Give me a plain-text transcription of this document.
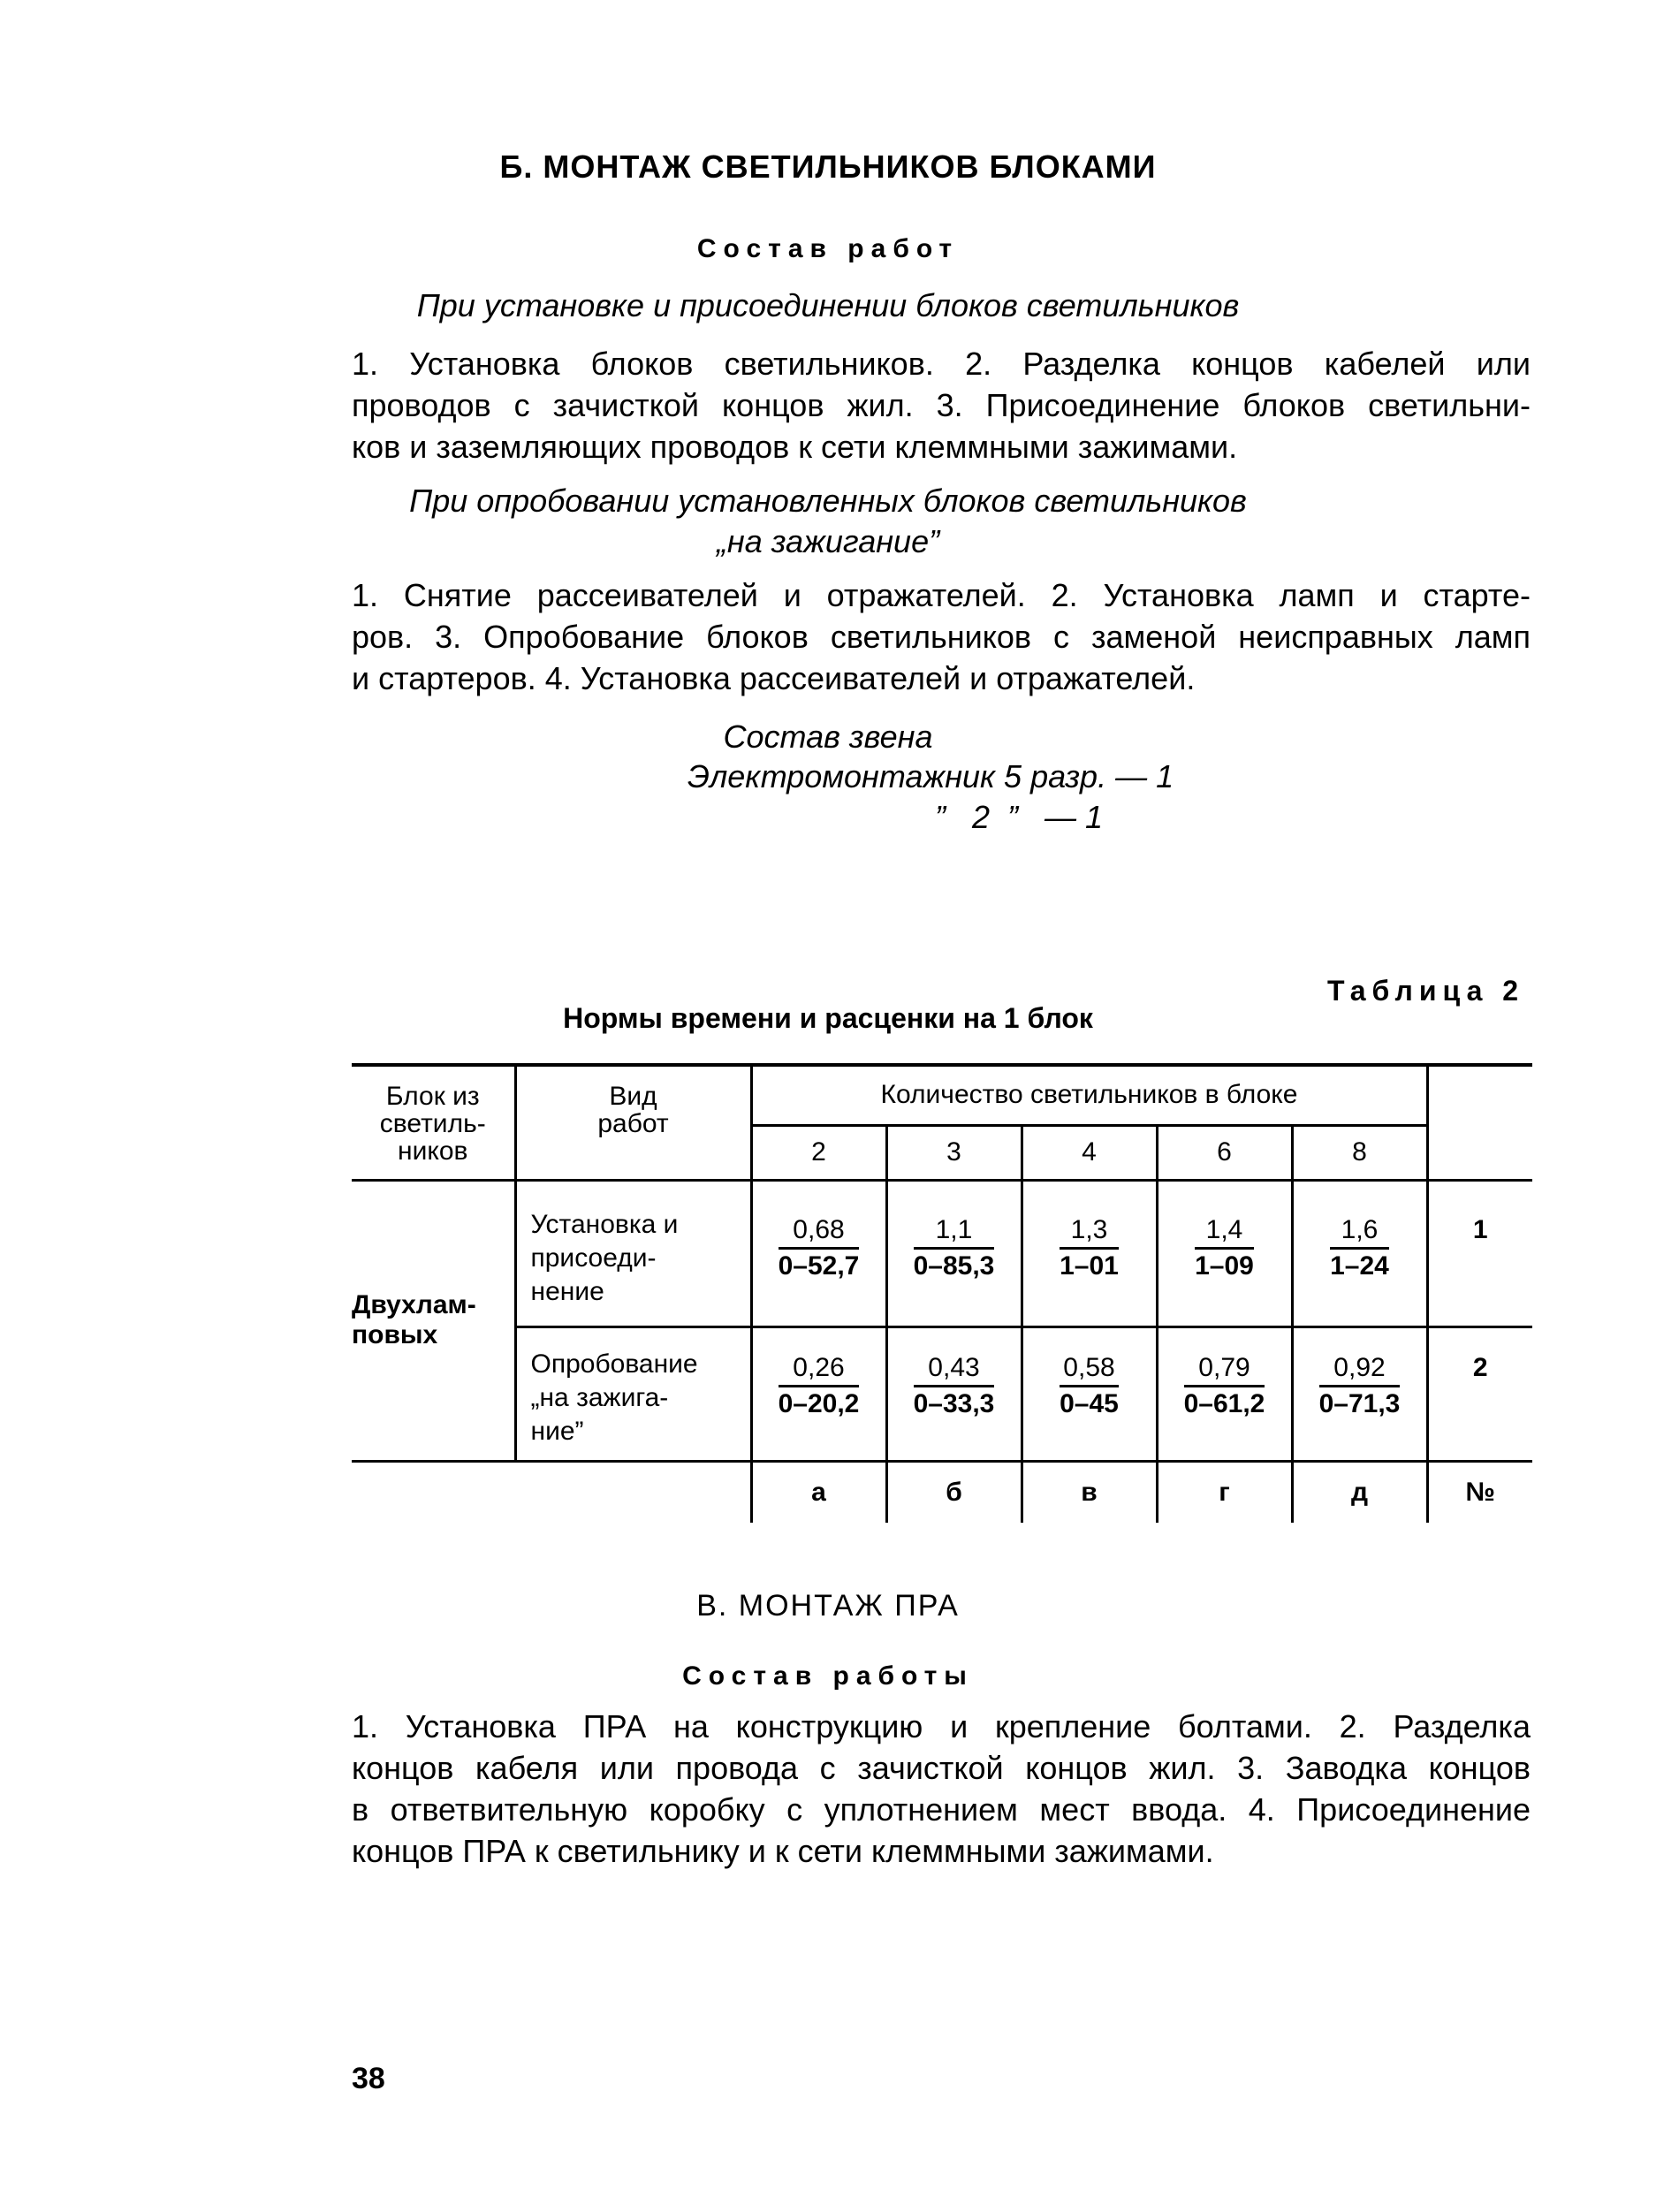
Б. МОНТАЖ СВЕТИЛЬНИКОВ БЛОКАМИ
Состав работ
При установке и присоединении блоков светильников
1. Установка блоков светильников. 2. Разделка концов кабелей или
проводов с зачисткой концов жил. 3. Присоединение блоков светильни-
ков и заземляющих проводов к сети клеммными зажимами.
При опробовании установленных блоков светильников
„на зажигание”
1. Снятие рассеивателей и отражателей. 2. Установка ламп и старте-
ров. 3. Опробование блоков светильников с заменой неисправных ламп
и стартеров. 4. Установка рассеивателей и отражателей.
Состав звена
Электромонтажник 5 разр. — 1
”   2  ”   — 1
Таблица 2
Нормы времени и расценки на 1 блок
Блок из светиль-ников	Вид работ	Количество светильников в блоке					
		2	3	4	6	8	
Двухлам-повых	Установка и присоеди-нение	$\frac{0,68}{0-52,7}$	$\frac{1,1}{0-85,3}$	$\frac{1,3}{1-01}$	$\frac{1,4}{1-09}$	$\frac{1,6}{1-24}$	1
	Опробование „на зажига-ние”	$\frac{0,26}{0-20,2}$	$\frac{0,43}{0-33,3}$	$\frac{0,58}{0-45}$	$\frac{0,79}{0-61,2}$	$\frac{0,92}{0-71,3}$	2
		а	б	в	г	д	№
В. МОНТАЖ ПРА
Состав работы
1. Установка ПРА на конструкцию и крепление болтами. 2. Разделка
концов кабеля или провода с зачисткой концов жил. 3. Заводка концов
в ответвительную коробку с уплотнением мест ввода. 4. Присоединение
концов ПРА к светильнику и к сети клеммными зажимами.
38
